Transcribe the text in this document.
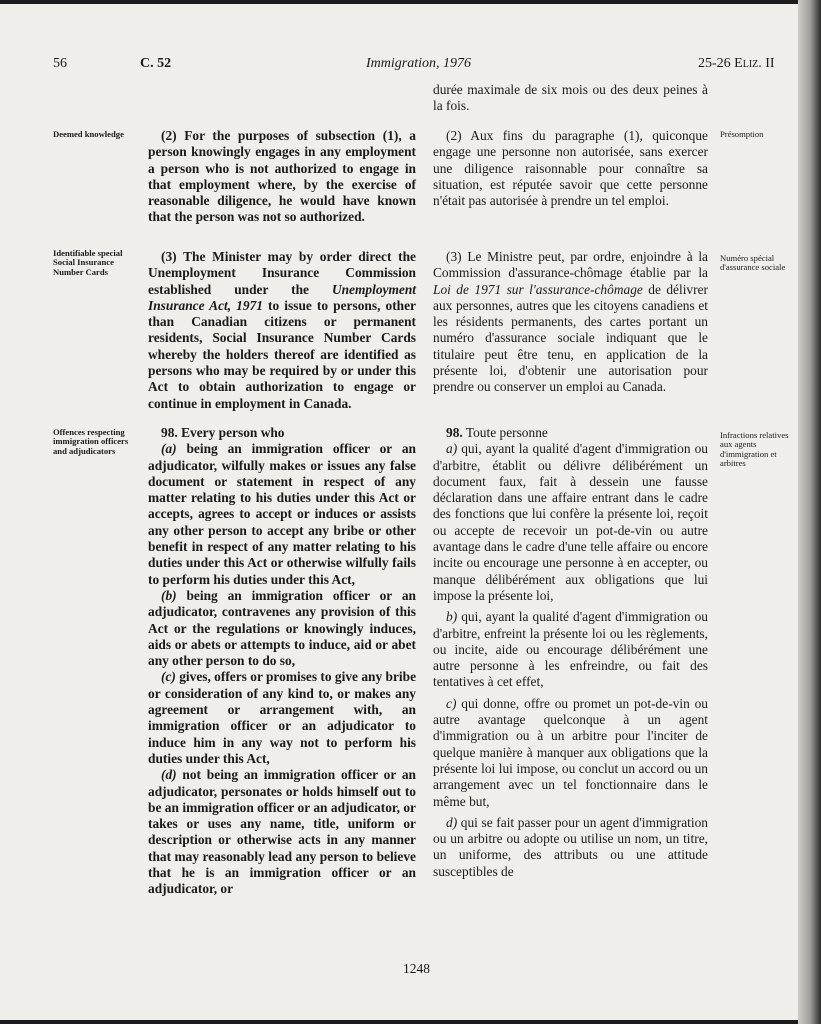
56	C. 52	Immigration, 1976	25-26 Eliz. II
Deemed knowledge
Identifiable special Social Insurance Number Cards
Offences respecting immigration officers and adjudicators
Présomption
Numéro spécial d'assurance sociale
Infractions relatives aux agents d'immigration et arbitres

(2) For the purposes of subsection (1), a person knowingly engages in any employment a person who is not authorized to engage in that employment where, by the exercise of reasonable diligence, he would have known that the person was not so authorized.

(3) The Minister may by order direct the Unemployment Insurance Commission established under the Unemployment Insurance Act, 1971 to issue to persons, other than Canadian citizens or permanent residents, Social Insurance Number Cards whereby the holders thereof are identified as persons who may be required by or under this Act to obtain authorization to engage or continue in employment in Canada.

98. Every person who

(a) being an immigration officer or an adjudicator, wilfully makes or issues any false document or statement in respect of any matter relating to his duties under this Act or accepts, agrees to accept or induces or assists any other person to accept any bribe or other benefit in respect of any matter relating to his duties under this Act or otherwise wilfully fails to perform his duties under this Act,

(b) being an immigration officer or an adjudicator, contravenes any provision of this Act or the regulations or knowingly induces, aids or abets or attempts to induce, aid or abet any other person to do so,

(c) gives, offers or promises to give any bribe or consideration of any kind to, or makes any agreement or arrangement with, an immigration officer or an adjudicator to induce him in any way not to perform his duties under this Act,

(d) not being an immigration officer or an adjudicator, personates or holds himself out to be an immigration officer or an adjudicator, or takes or uses any name, title, uniform or description or otherwise acts in any manner that may reasonably lead any person to believe that he is an immigration officer or an adjudicator, or

durée maximale de six mois ou des deux peines à la fois.

(2) Aux fins du paragraphe (1), quiconque engage une personne non autorisée, sans exercer une diligence raisonnable pour connaître sa situation, est réputée savoir que cette personne n'était pas autorisée à prendre un tel emploi.

(3) Le Ministre peut, par ordre, enjoindre à la Commission d'assurance-chômage établie par la Loi de 1971 sur l'assurance-chômage de délivrer aux personnes, autres que les citoyens canadiens et les résidents permanents, des cartes portant un numéro d'assurance sociale indiquant que le titulaire peut être tenu, en application de la présente loi, d'obtenir une autorisation pour prendre ou conserver un emploi au Canada.

98. Toute personne

a) qui, ayant la qualité d'agent d'immigration ou d'arbitre, établit ou délivre délibérément un document faux, fait à dessein une fausse déclaration dans une affaire entrant dans le cadre des fonctions que lui confère la présente loi, reçoit ou accepte de recevoir un pot-de-vin ou autre avantage dans le cadre d'une telle affaire ou encore incite ou encourage une personne à en accepter, ou manque délibérément aux obligations que lui impose la présente loi,

b) qui, ayant la qualité d'agent d'immigration ou d'arbitre, enfreint la présente loi ou les règlements, ou incite, aide ou encourage délibérément une autre personne à les enfreindre, ou fait des tentatives à cet effet,

c) qui donne, offre ou promet un pot-de-vin ou autre avantage quelconque à un agent d'immigration ou à un arbitre pour l'inciter de quelque manière à manquer aux obligations que la présente loi lui impose, ou conclut un accord ou un arrangement avec un tel fonctionnaire dans le même but,

d) qui se fait passer pour un agent d'immigration ou un arbitre ou adopte ou utilise un nom, un titre, un uniforme, des attributs ou une attitude susceptibles de

1248
